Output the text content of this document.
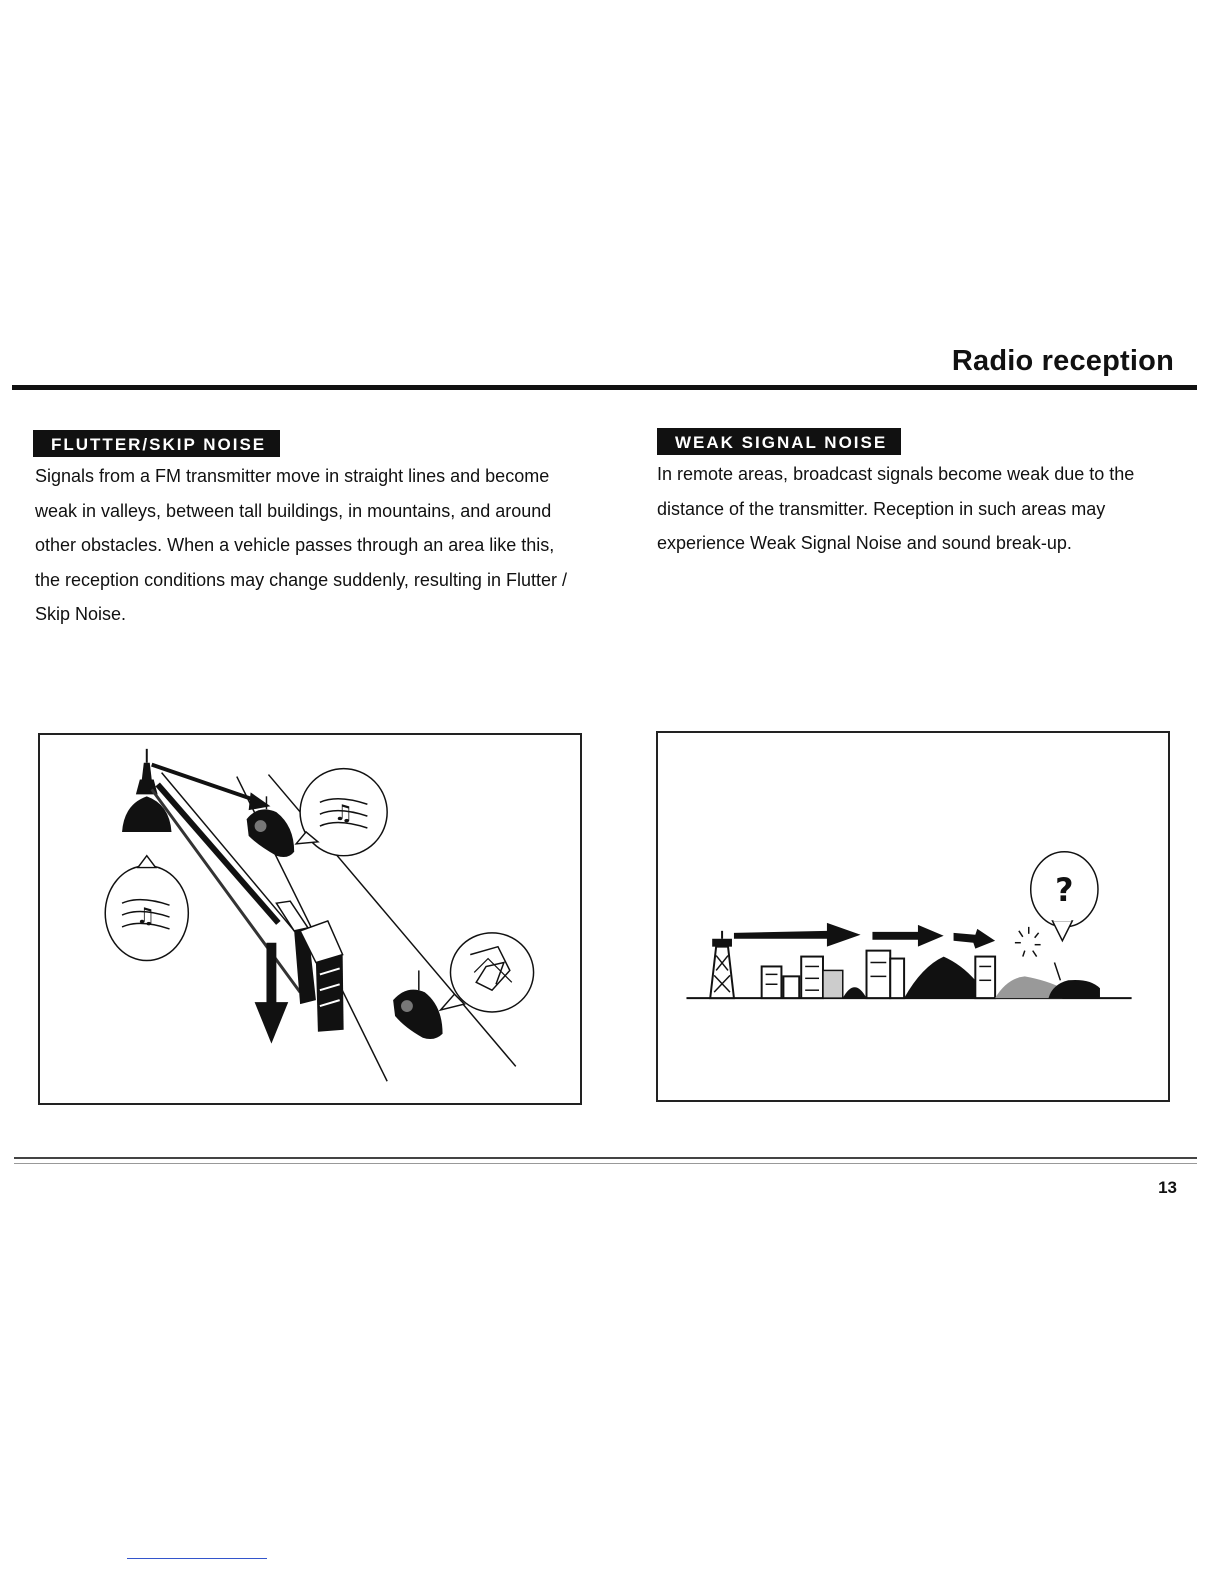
Radio reception
FLUTTER/SKIP NOISE
Signals from a FM transmitter move in straight lines and become weak in valleys, between tall buildings, in mountains, and around other obstacles. When a vehicle passes through an area like this, the reception conditions may change suddenly, resulting in Flutter / Skip Noise.
WEAK SIGNAL NOISE
In remote areas, broadcast signals become weak due to the distance of the transmitter. Reception in such areas may experience Weak Signal Noise and sound break-up.
♫
♫
?
13
